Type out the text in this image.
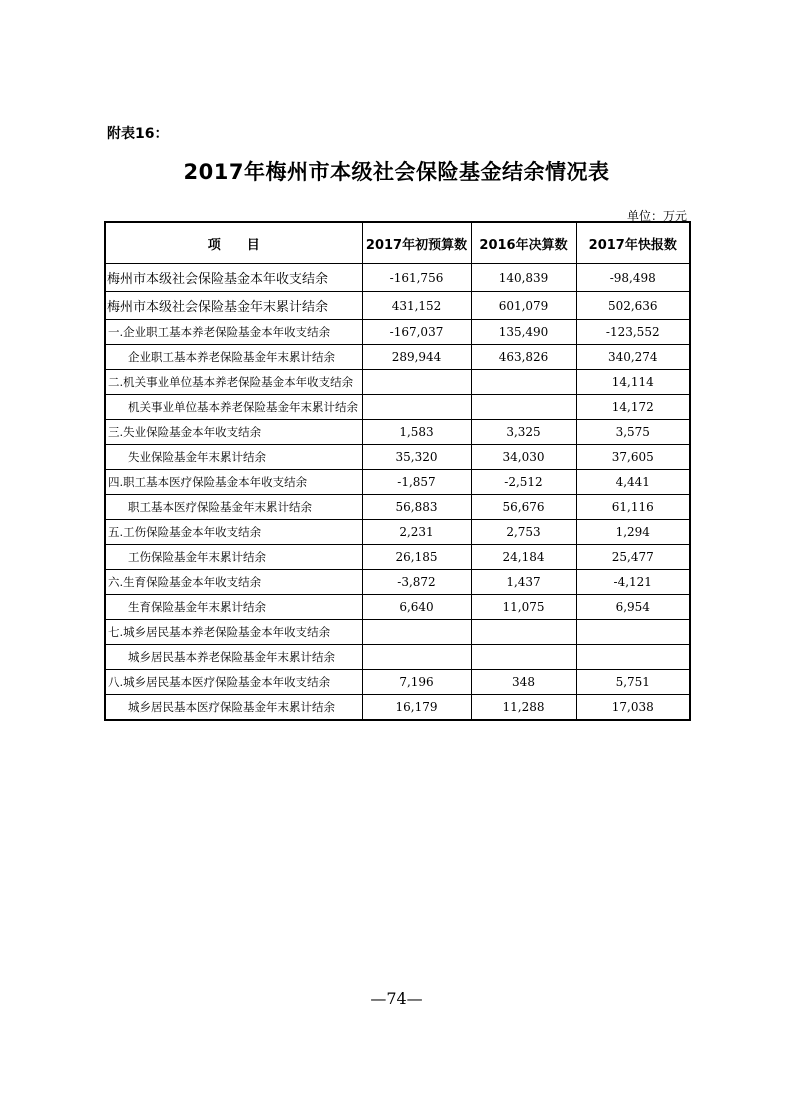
附表16：
2017年梅州市本级社会保险基金结余情况表
单位：万元
项　　目	2017年初预算数	2016年决算数	2017年快报数
梅州市本级社会保险基金本年收支结余	-161,756	140,839	-98,498
梅州市本级社会保险基金年末累计结余	431,152	601,079	502,636
一.企业职工基本养老保险基金本年收支结余	-167,037	135,490	-123,552
企业职工基本养老保险基金年末累计结余	289,944	463,826	340,274
二.机关事业单位基本养老保险基金本年收支结余			14,114
机关事业单位基本养老保险基金年末累计结余			14,172
三.失业保险基金本年收支结余	1,583	3,325	3,575
失业保险基金年末累计结余	35,320	34,030	37,605
四.职工基本医疗保险基金本年收支结余	-1,857	-2,512	4,441
职工基本医疗保险基金年末累计结余	56,883	56,676	61,116
五.工伤保险基金本年收支结余	2,231	2,753	1,294
工伤保险基金年末累计结余	26,185	24,184	25,477
六.生育保险基金本年收支结余	-3,872	1,437	-4,121
生育保险基金年末累计结余	6,640	11,075	6,954
七.城乡居民基本养老保险基金本年收支结余			
城乡居民基本养老保险基金年末累计结余			
八.城乡居民基本医疗保险基金本年收支结余	7,196	348	5,751
城乡居民基本医疗保险基金年末累计结余	16,179	11,288	17,038
—74—
